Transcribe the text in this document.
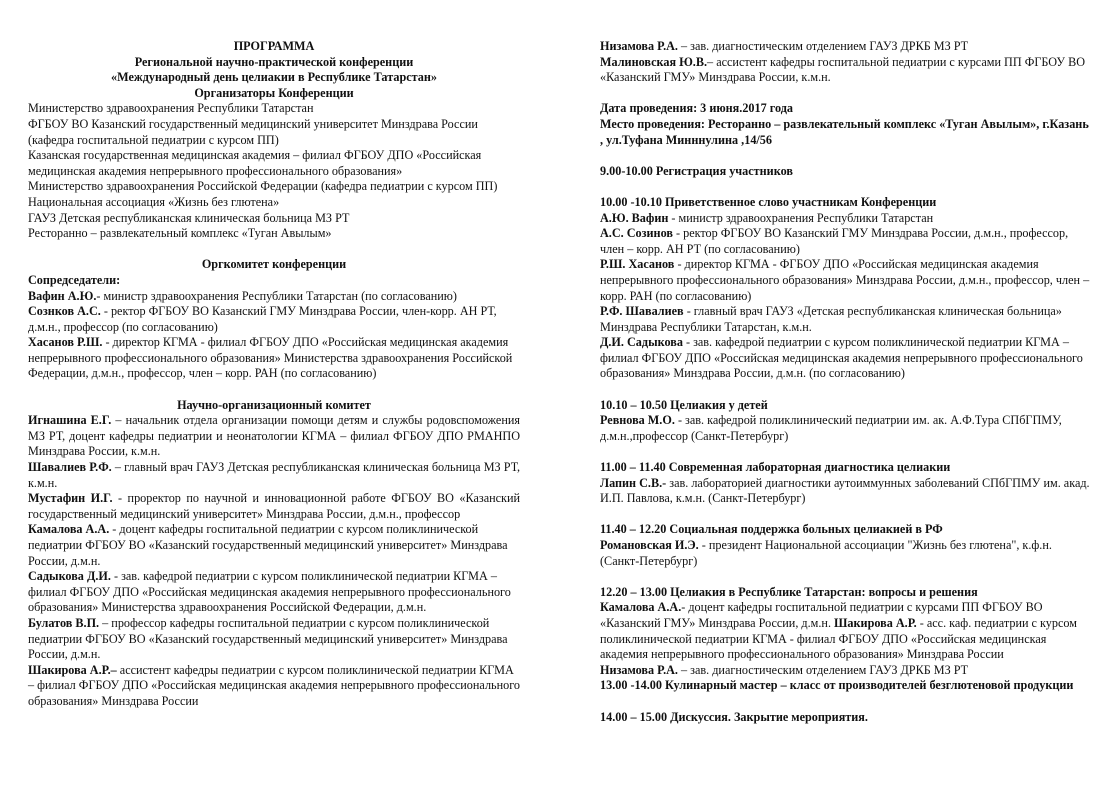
ПРОГРАММА

Региональной научно-практической конференции

«Международный день целиакии в Республике Татарстан»

Организаторы Конференции

Министерство здравоохранения Республики Татарстан

ФГБОУ ВО Казанский государственный медицинский университет Минздрава России (кафедра госпитальной педиатрии с курсом ПП)

Казанская государственная медицинская академия – филиал ФГБОУ ДПО «Российская медицинская академия непрерывного профессионального образования»

Министерство здравоохранения Российской Федерации (кафедра педиатрии с курсом ПП)

Национальная ассоциация «Жизнь без глютена»

ГАУЗ Детская республиканская клиническая больница МЗ РТ

Ресторанно – развлекательный комплекс «Туган Авылым»

Оргкомитет конференции

Сопредседатели:

Вафин А.Ю.- министр здравоохранения Республики Татарстан (по согласованию)

Сознков А.С. - ректор ФГБОУ ВО Казанский ГМУ Минздрава России, член-корр. АН РТ, д.м.н., профессор (по согласованию)

Хасанов Р.Ш. - директор КГМА - филиал ФГБОУ ДПО «Российская медицинская академия непрерывного профессионального образования» Министерства здравоохранения Российской Федерации, д.м.н., профессор, член – корр. РАН (по согласованию)

Научно-организационный комитет

Игнашина Е.Г. – начальник отдела организации помощи детям и службы родовспоможения МЗ РТ, доцент кафедры педиатрии и неонатологии КГМА – филиал ФГБОУ ДПО РМАНПО Минздрава России, к.м.н.

Шавалиев Р.Ф. – главный врач ГАУЗ Детская республиканская клиническая больница МЗ РТ, к.м.н.

Мустафин И.Г. - проректор по научной и инновационной работе ФГБОУ ВО «Казанский государственный медицинский университет» Минздрава России, д.м.н., профессор

Камалова А.А. - доцент кафедры госпитальной педиатрии с курсом поликлинической педиатрии ФГБОУ ВО «Казанский государственный медицинский университет» Минздрава России, д.м.н.

Садыкова Д.И. - зав. кафедрой педиатрии с курсом поликлинической педиатрии КГМА – филиал ФГБОУ ДПО «Российская медицинская академия непрерывного профессионального образования» Министерства здравоохранения Российской Федерации, д.м.н.

Булатов В.П. – профессор кафедры госпитальной педиатрии с курсом поликлинической педиатрии ФГБОУ ВО «Казанский государственный медицинский университет» Минздрава России, д.м.н.

Шакирова А.Р.– ассистент кафедры педиатрии с курсом поликлинической педиатрии КГМА – филиал ФГБОУ ДПО «Российская медицинская академия непрерывного профессионального образования» Минздрава России

Низамова Р.А. – зав. диагностическим отделением ГАУЗ ДРКБ МЗ РТ

Малиновская Ю.В.– ассистент кафедры госпитальной педиатрии с курсами ПП ФГБОУ ВО «Казанский ГМУ» Минздрава России, к.м.н.

Дата проведения: 3 июня.2017 года

Место проведения: Ресторанно – развлекательный комплекс «Туган Авылым», г.Казань , ул.Туфана Минннулина ,14/56

9.00-10.00 Регистрация участников

10.00 -10.10 Приветственное слово участникам Конференции

А.Ю. Вафин - министр здравоохранения Республики Татарстан

А.С. Созинов - ректор ФГБОУ ВО Казанский ГМУ Минздрава России, д.м.н., профессор, член – корр. АН РТ (по согласованию)

Р.Ш. Хасанов - директор КГМА - ФГБОУ ДПО «Российская медицинская академия непрерывного профессионального образования» Минздрава России, д.м.н., профессор, член – корр. РАН (по согласованию)

Р.Ф. Шавалиев - главный врач ГАУЗ «Детская республиканская клиническая больница» Минздрава Республики Татарстан, к.м.н.

Д.И. Садыкова - зав. кафедрой педиатрии с курсом поликлинической педиатрии КГМА – филиал ФГБОУ ДПО «Российская медицинская академия непрерывного профессионального образования» Минздрава России, д.м.н. (по согласованию)

10.10 – 10.50 Целиакия у детей

Ревнова М.О. - зав. кафедрой поликлинический педиатрии им. ак. А.Ф.Тура СПбГПМУ, д.м.н.,профессор (Санкт-Петербург)

11.00 – 11.40 Современная лабораторная диагностика целиакии

Лапин С.В.- зав. лабораторией диагностики аутоиммунных заболеваний СПбГПМУ им. акад. И.П. Павлова, к.м.н. (Санкт-Петербург)

11.40 – 12.20 Социальная поддержка больных целиакией в РФ

Романовская И.Э. - президент Национальной ассоциации "Жизнь без глютена", к.ф.н. (Санкт-Петербург)

12.20 – 13.00 Целиакия в Республике Татарстан: вопросы и решения

Камалова А.А.- доцент кафедры госпитальной педиатрии с курсами ПП ФГБОУ ВО «Казанский ГМУ» Минздрава России, д.м.н. Шакирова А.Р. - асс. каф. педиатрии с курсом поликлинической педиатрии КГМА - филиал ФГБОУ ДПО «Российская медицинская академия непрерывного профессионального образования» Минздрава России

Низамова Р.А. – зав. диагностическим отделением ГАУЗ ДРКБ МЗ РТ

13.00 -14.00 Кулинарный мастер – класс от производителей безглютеновой продукции

14.00 – 15.00 Дискуссия. Закрытие мероприятия.
